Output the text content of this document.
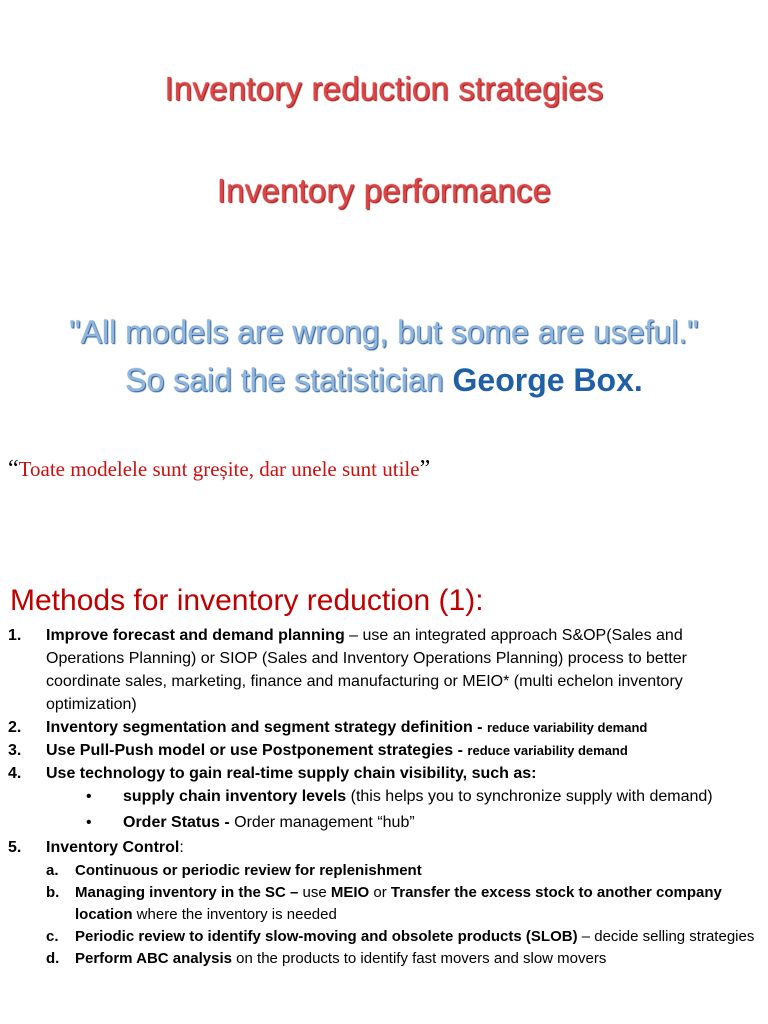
Inventory reduction strategies
Inventory performance
"All models are wrong, but some are useful."
So said the statistician George Box.
“Toate modelele sunt greșite, dar unele sunt utile”
Methods for inventory reduction (1):
1. Improve forecast and demand planning – use an integrated approach S&OP(Sales and Operations Planning) or SIOP (Sales and Inventory Operations Planning) process to better coordinate sales, marketing, finance and manufacturing or MEIO* (multi echelon inventory optimization)
2. Inventory segmentation and segment strategy definition - reduce variability demand
3. Use Pull-Push model or use Postponement strategies - reduce variability demand
4. Use technology to gain real-time supply chain visibility, such as:
• supply chain inventory levels (this helps you to synchronize supply with demand)
• Order Status - Order management “hub”
5. Inventory Control:
a. Continuous or periodic review for replenishment
b. Managing inventory in the SC – use MEIO or Transfer the excess stock to another company location where the inventory is needed
c. Periodic review to identify slow-moving and obsolete products (SLOB) – decide selling strategies
d. Perform ABC analysis on the products to identify fast movers and slow movers
